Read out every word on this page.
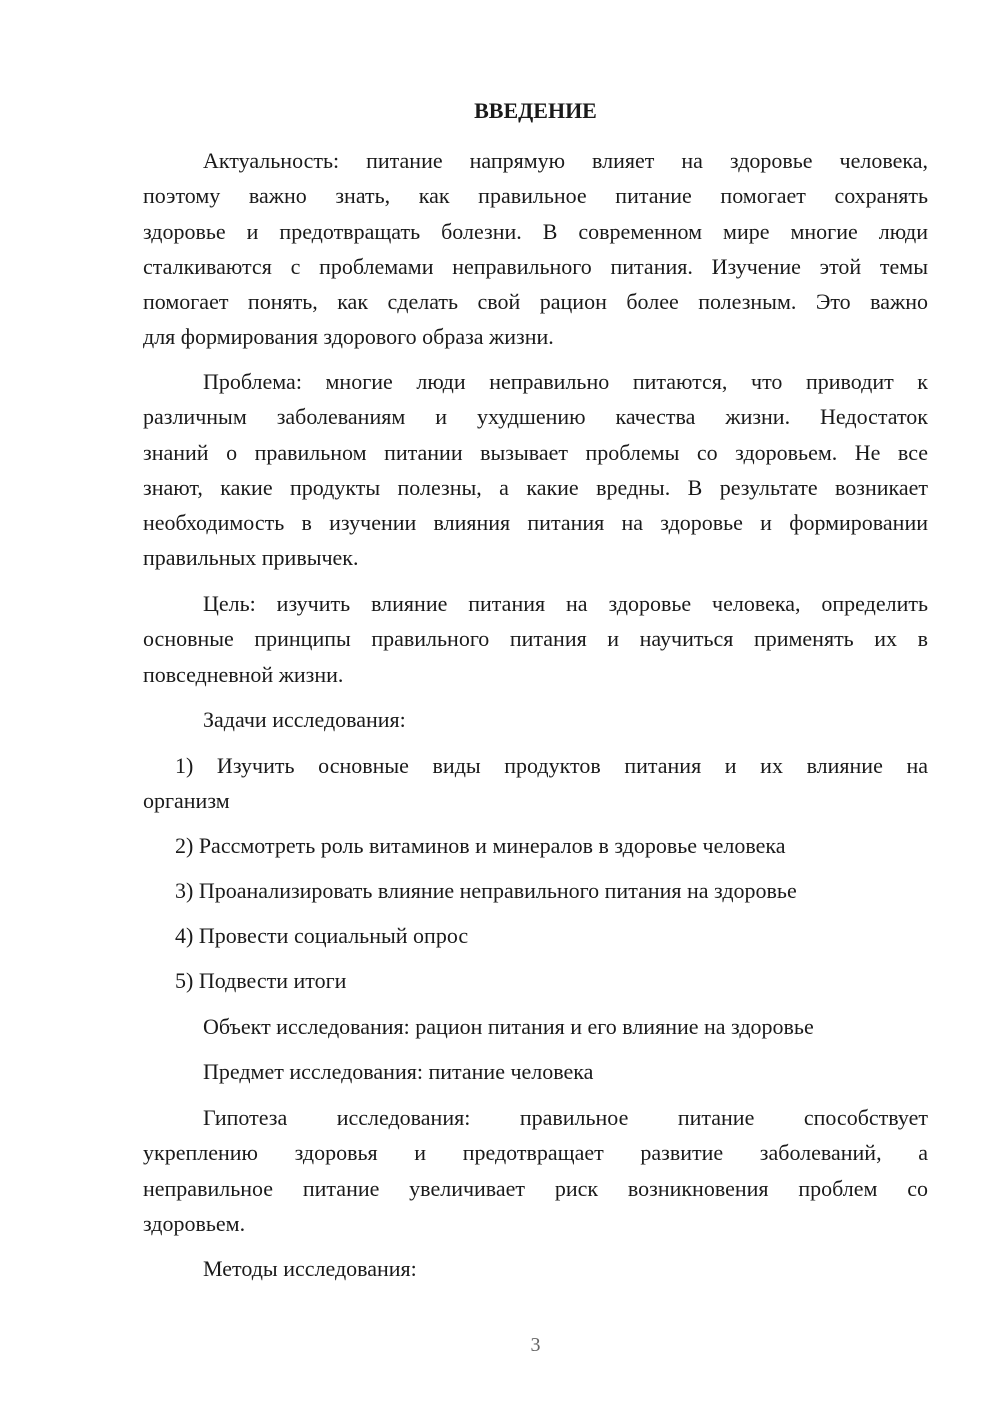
ВВЕДЕНИЕ
Актуальность: питание напрямую влияет на здоровье человека,
поэтому важно знать, как правильное питание помогает сохранять
здоровье и предотвращать болезни. В современном мире многие люди
сталкиваются с проблемами неправильного питания. Изучение этой темы
помогает понять, как сделать свой рацион более полезным. Это важно
для формирования здорового образа жизни.
Проблема: многие люди неправильно питаются, что приводит к
различным заболеваниям и ухудшению качества жизни. Недостаток
знаний о правильном питании вызывает проблемы со здоровьем. Не все
знают, какие продукты полезны, а какие вредны. В результате возникает
необходимость в изучении влияния питания на здоровье и формировании
правильных привычек.
Цель: изучить влияние питания на здоровье человека, определить
основные принципы правильного питания и научиться применять их в
повседневной жизни.
Задачи исследования:
1) Изучить основные виды продуктов питания и их влияние на
организм
2) Рассмотреть роль витаминов и минералов в здоровье человека
3) Проанализировать влияние неправильного питания на здоровье
4) Провести социальный опрос
5) Подвести итоги
Объект исследования: рацион питания и его влияние на здоровье
Предмет исследования: питание человека
Гипотеза исследования: правильное питание способствует
укреплению здоровья и предотвращает развитие заболеваний, а
неправильное питание увеличивает риск возникновения проблем со
здоровьем.
Методы исследования:
3
